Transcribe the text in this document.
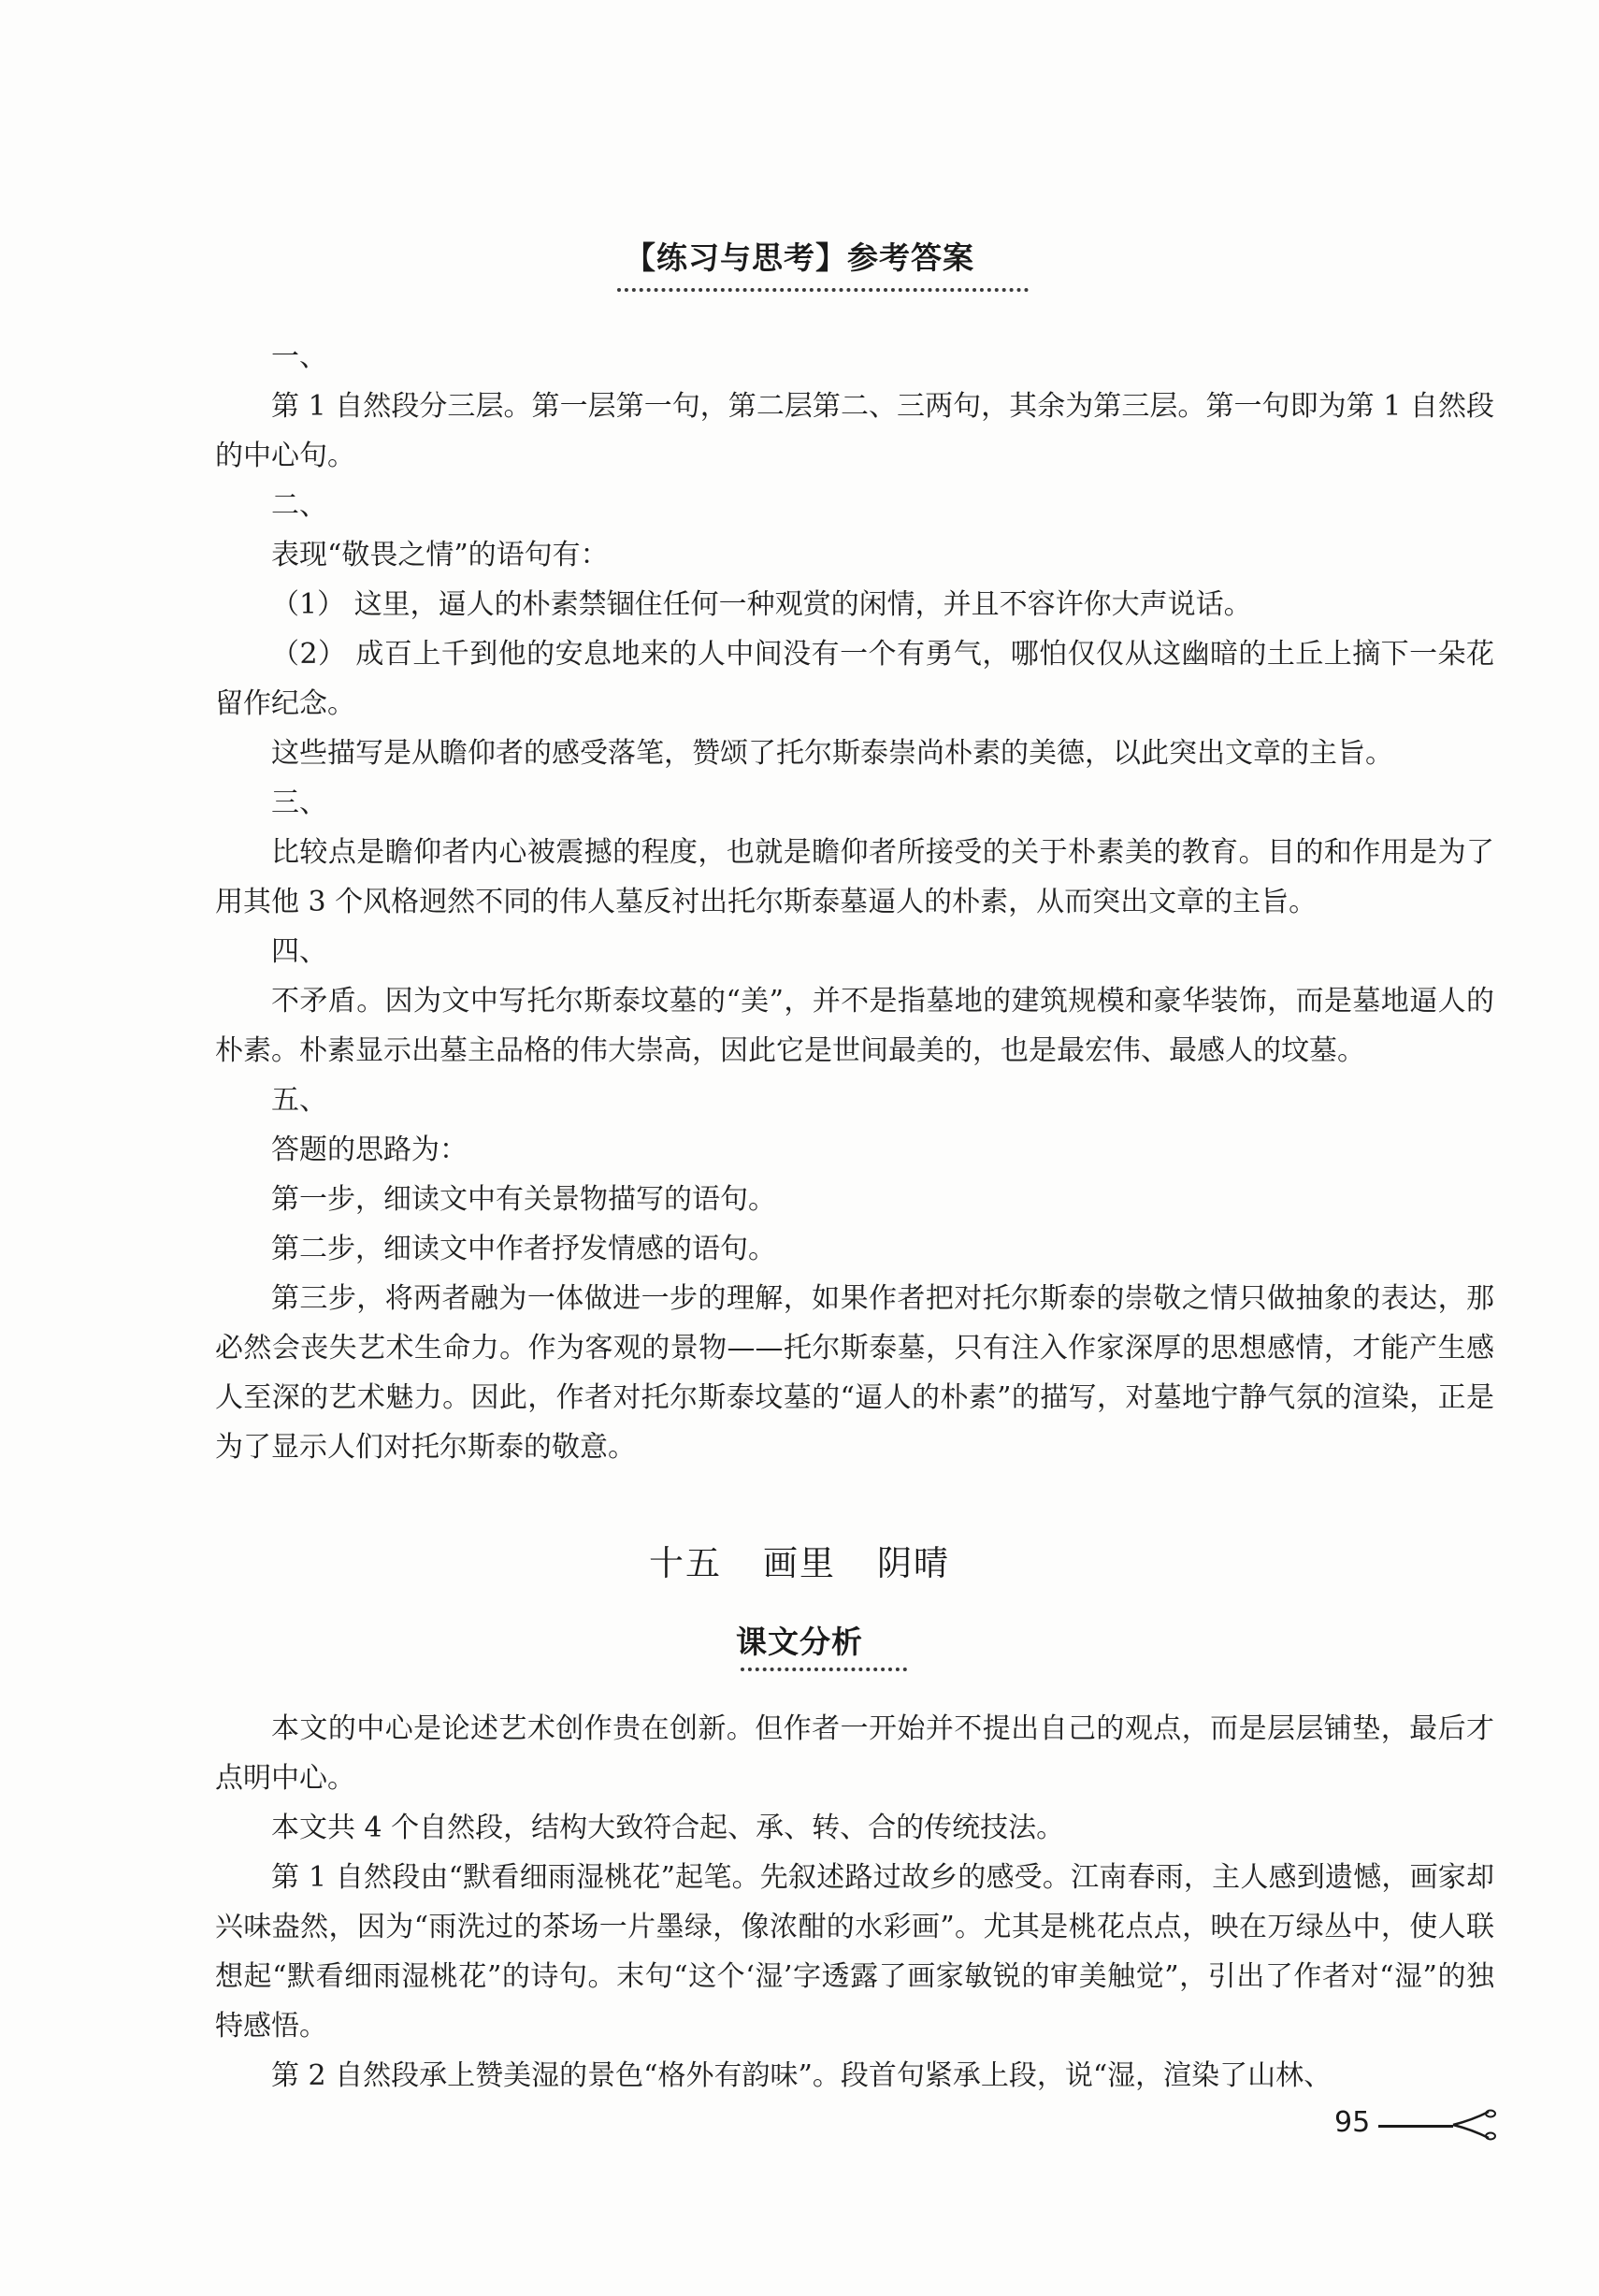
【练习与思考】参考答案

一、

第 1 自然段分三层。第一层第一句，第二层第二、三两句，其余为第三层。第一句即为第 1 自然段的中心句。

二、

表现“敬畏之情”的语句有：

（1） 这里，逼人的朴素禁锢住任何一种观赏的闲情，并且不容许你大声说话。

（2） 成百上千到他的安息地来的人中间没有一个有勇气，哪怕仅仅从这幽暗的土丘上摘下一朵花留作纪念。

这些描写是从瞻仰者的感受落笔，赞颂了托尔斯泰崇尚朴素的美德，以此突出文章的主旨。

三、

比较点是瞻仰者内心被震撼的程度，也就是瞻仰者所接受的关于朴素美的教育。目的和作用是为了用其他 3 个风格迥然不同的伟人墓反衬出托尔斯泰墓逼人的朴素，从而突出文章的主旨。

四、

不矛盾。因为文中写托尔斯泰坟墓的“美”，并不是指墓地的建筑规模和豪华装饰，而是墓地逼人的朴素。朴素显示出墓主品格的伟大崇高，因此它是世间最美的，也是最宏伟、最感人的坟墓。

五、

答题的思路为：

第一步，细读文中有关景物描写的语句。

第二步，细读文中作者抒发情感的语句。

第三步，将两者融为一体做进一步的理解，如果作者把对托尔斯泰的崇敬之情只做抽象的表达，那必然会丧失艺术生命力。作为客观的景物——托尔斯泰墓，只有注入作家深厚的思想感情，才能产生感人至深的艺术魅力。因此，作者对托尔斯泰坟墓的“逼人的朴素”的描写，对墓地宁静气氛的渲染，正是为了显示人们对托尔斯泰的敬意。

十五 画里 阴晴
课文分析

本文的中心是论述艺术创作贵在创新。但作者一开始并不提出自己的观点，而是层层铺垫，最后才点明中心。

本文共 4 个自然段，结构大致符合起、承、转、合的传统技法。

第 1 自然段由“默看细雨湿桃花”起笔。先叙述路过故乡的感受。江南春雨，主人感到遗憾，画家却兴味盎然，因为“雨洗过的茶场一片墨绿，像浓酣的水彩画”。尤其是桃花点点，映在万绿丛中，使人联想起“默看细雨湿桃花”的诗句。末句“这个‘湿’字透露了画家敏锐的审美触觉”，引出了作者对“湿”的独特感悟。

第 2 自然段承上赞美湿的景色“格外有韵味”。段首句紧承上段，说“湿，渲染了山林、

95
